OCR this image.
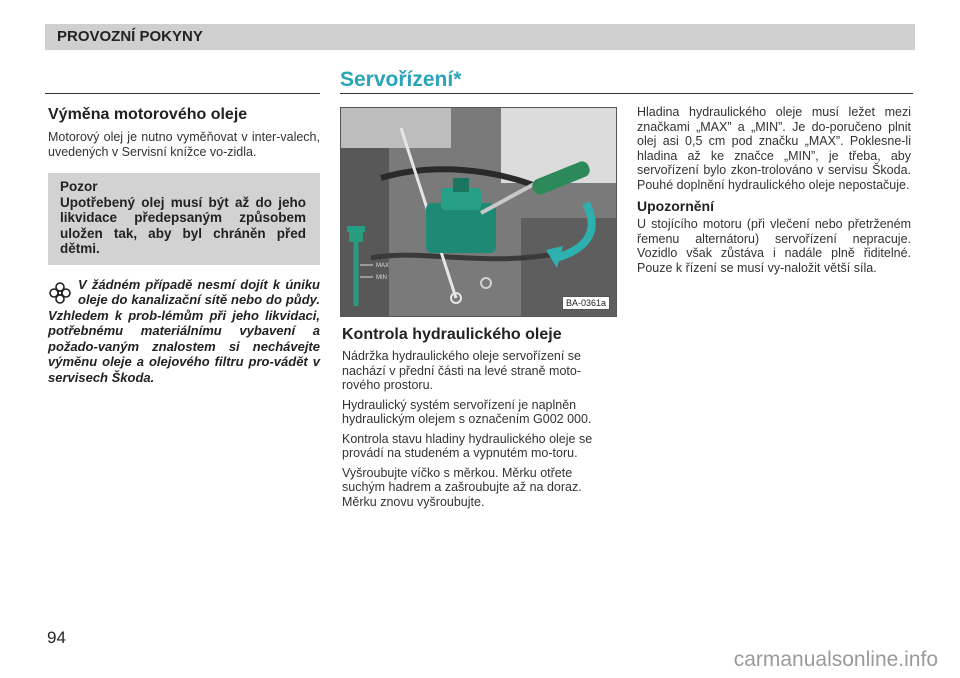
PROVOZNÍ POKYNY
Servořízení*
Výměna motorového oleje

Motorový olej je nutno vyměňovat v inter-valech, uvedených v Servisní knížce vo-zidla.

Pozor
Upotřebený olej musí být až do jeho likvidace předepsaným způsobem uložen tak, aby byl chráněn před dětmi.
V žádném případě nesmí dojít k úniku oleje do kanalizační sítě nebo do půdy. Vzhledem k prob-lémům při jeho likvidaci, potřebnému materiálnímu vybavení a požado-vaným znalostem si nechávejte výměnu oleje a olejového filtru pro-vádět v servisech Škoda.
MAX
MIN
BA-0361a
Kontrola hydraulického oleje

Nádržka hydraulického oleje servořízení se nachází v přední části na levé straně moto-rového prostoru.

Hydraulický systém servořízení je naplněn hydraulickým olejem s označením G002 000.

Kontrola stavu hladiny hydraulického oleje se provádí na studeném a vypnutém mo-toru.

Vyšroubujte víčko s měrkou. Měrku otřete suchým hadrem a zašroubujte až na doraz. Měrku znovu vyšroubujte.

Hladina hydraulického oleje musí ležet mezi značkami „MAX” a „MIN”. Je do-poručeno plnit olej asi 0,5 cm pod značku „MAX”. Poklesne-li hladina až ke značce „MIN”, je třeba, aby servořízení bylo zkon-trolováno v servisu Škoda. Pouhé doplnění hydraulického oleje nepostačuje.

Upozornění

U stojícího motoru (při vlečení nebo přetrženém řemenu alternátoru) servořízení nepracuje. Vozidlo však zůstáva i nadále plně řiditelné. Pouze k řízení se musí vy-naložit větší síla.

94
carmanualsonline.info
